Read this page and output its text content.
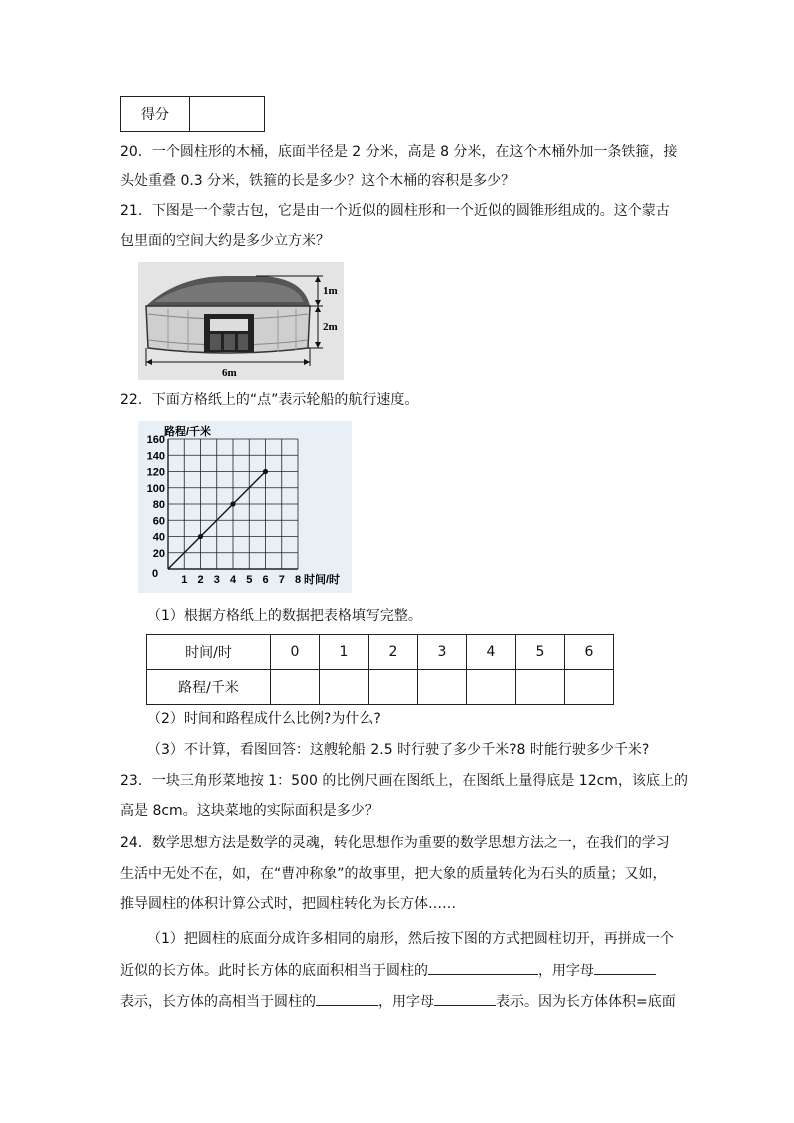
得分	
20．一个圆柱形的木桶，底面半径是 2 分米，高是 8 分米，在这个木桶外加一条铁箍，接
头处重叠 0.3 分米，铁箍的长是多少？这个木桶的容积是多少？
21．下图是一个蒙古包，它是由一个近似的圆柱形和一个近似的圆锥形组成的。这个蒙古
包里面的空间大约是多少立方米？
1m
2m
6m
22．下面方格纸上的“点”表示轮船的航行速度。
1 2 3 4 5 6 7 8
20
40
60
80
100
120
140
160
0	时间/时
路程/千米
（1）根据方格纸上的数据把表格填写完整。
时间/时	0	1	2	3	4	5	6
路程/千米							
（2）时间和路程成什么比例?为什么?
（3）不计算，看图回答：这艘轮船 2.5 时行驶了多少千米?8 时能行驶多少千米?
23．一块三角形菜地按 1：500 的比例尺画在图纸上，在图纸上量得底是 12cm，该底上的
高是 8cm。这块菜地的实际面积是多少？
24．数学思想方法是数学的灵魂，转化思想作为重要的数学思想方法之一，在我们的学习
生活中无处不在，如，在“曹冲称象”的故事里，把大象的质量转化为石头的质量；又如，
推导圆柱的体积计算公式时，把圆柱转化为长方体……
（1）把圆柱的底面分成许多相同的扇形，然后按下图的方式把圆柱切开，再拼成一个
近似的长方体。此时长方体的底面积相当于圆柱的	，用字母
表示，长方体的高相当于圆柱的	，用字母	表示。因为长方体体积=底面
